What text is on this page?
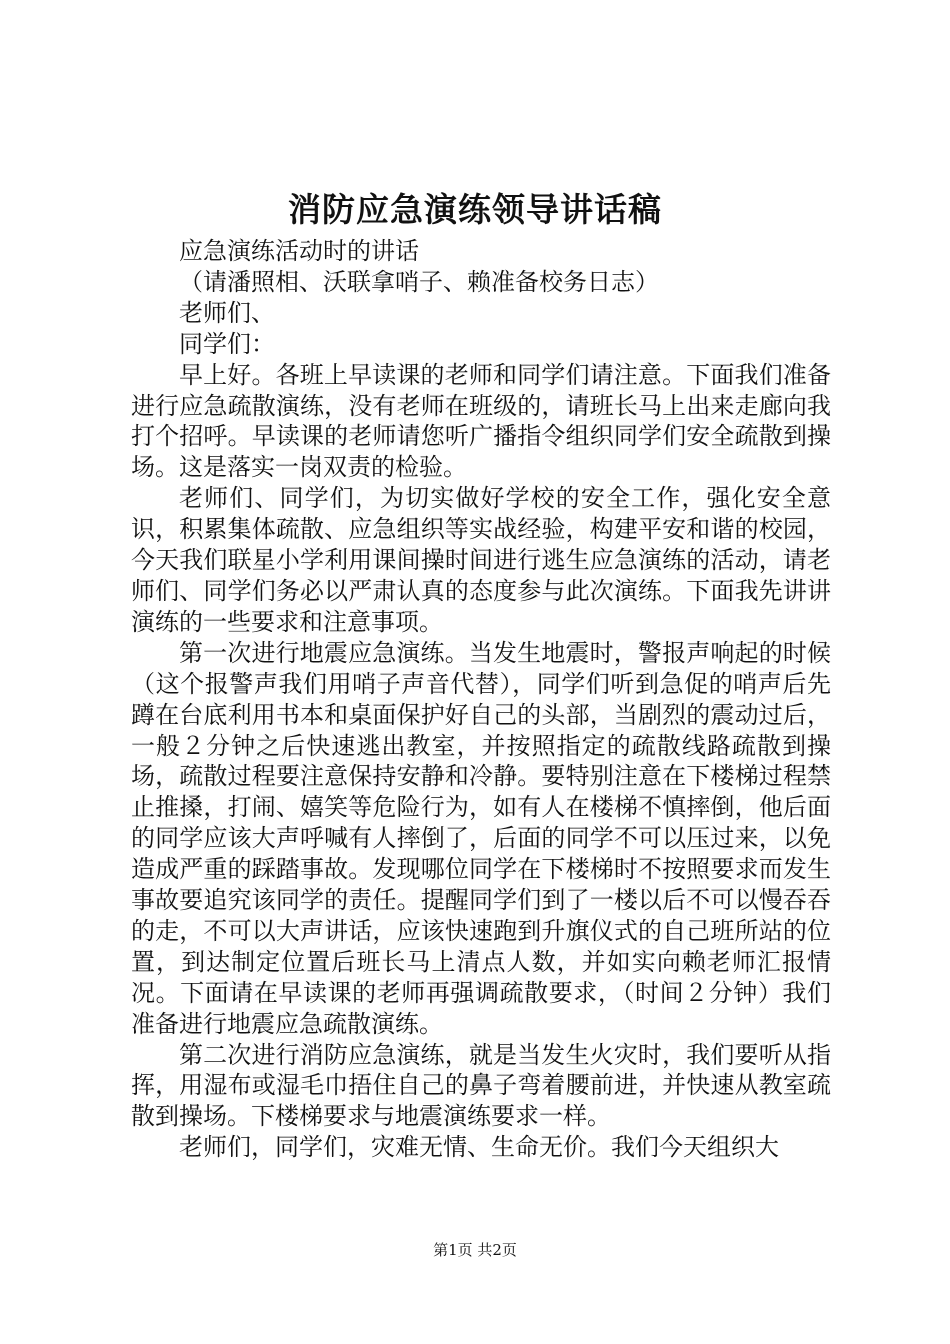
消防应急演练领导讲话稿

应急演练活动时的讲话

（请潘照相、沃联拿哨子、赖准备校务日志）

老师们、

同学们：

早上好。各班上早读课的老师和同学们请注意。下面我们准备进行应急疏散演练，没有老师在班级的，请班长马上出来走廊向我打个招呼。早读课的老师请您听广播指令组织同学们安全疏散到操场。这是落实一岗双责的检验。

老师们、同学们，为切实做好学校的安全工作，强化安全意识，积累集体疏散、应急组织等实战经验，构建平安和谐的校园，今天我们联星小学利用课间操时间进行逃生应急演练的活动，请老师们、同学们务必以严肃认真的态度参与此次演练。下面我先讲讲演练的一些要求和注意事项。

第一次进行地震应急演练。当发生地震时，警报声响起的时候（这个报警声我们用哨子声音代替），同学们听到急促的哨声后先蹲在台底利用书本和桌面保护好自己的头部，当剧烈的震动过后，一般２分钟之后快速逃出教室，并按照指定的疏散线路疏散到操场，疏散过程要注意保持安静和冷静。要特别注意在下楼梯过程禁止推搡，打闹、嬉笑等危险行为，如有人在楼梯不慎摔倒，他后面的同学应该大声呼喊有人摔倒了，后面的同学不可以压过来，以免造成严重的踩踏事故。发现哪位同学在下楼梯时不按照要求而发生事故要追究该同学的责任。提醒同学们到了一楼以后不可以慢吞吞的走，不可以大声讲话，应该快速跑到升旗仪式的自己班所站的位置，到达制定位置后班长马上清点人数，并如实向赖老师汇报情况。下面请在早读课的老师再强调疏散要求，（时间２分钟）我们准备进行地震应急疏散演练。

第二次进行消防应急演练，就是当发生火灾时，我们要听从指挥，用湿布或湿毛巾捂住自己的鼻子弯着腰前进，并快速从教室疏散到操场。下楼梯要求与地震演练要求一样。

老师们，同学们，灾难无情、生命无价。我们今天组织大

第1页 共2页
